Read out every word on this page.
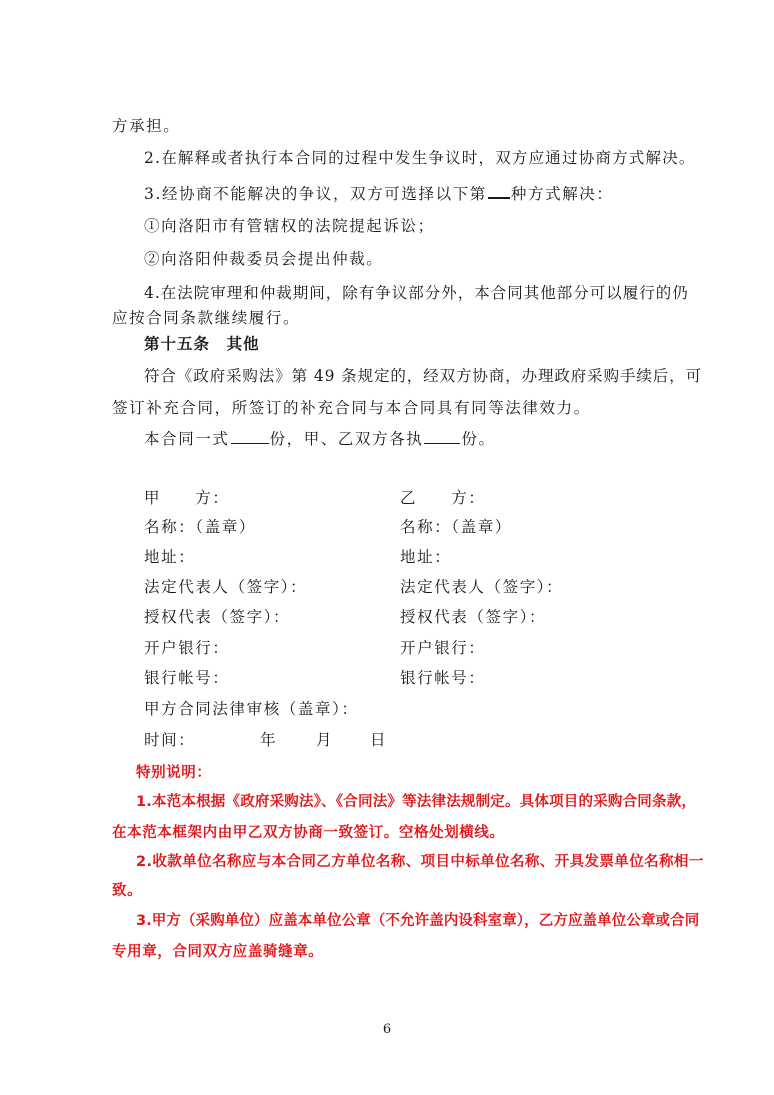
方承担。
2.在解释或者执行本合同的过程中发生争议时，双方应通过协商方式解决。
3.经协商不能解决的争议，双方可选择以下第 种方式解决：
①向洛阳市有管辖权的法院提起诉讼；
②向洛阳仲裁委员会提出仲裁。
4.在法院审理和仲裁期间，除有争议部分外，本合同其他部分可以履行的仍
应按合同条款继续履行。
第十五条　其他
符合《政府采购法》第 49 条规定的，经双方协商，办理政府采购手续后，可
签订补充合同，所签订的补充合同与本合同具有同等法律效力。
本合同一式	份，甲、乙双方各执 份。
甲　　方：	乙　　方：
名称：（盖章）	名称：（盖章）
地址：	地址：
法定代表人（签字）：	法定代表人（签字）：
授权代表（签字）：	授权代表（签字）：
开户银行：	开户银行：
银行帐号：	银行帐号：
甲方合同法律审核（盖章）：
时间：	年	月 日
特别说明：
1.本范本根据《政府采购法》、《合同法》等法律法规制定。具体项目的采购合同条款，
在本范本框架内由甲乙双方协商一致签订。空格处划横线。
2.收款单位名称应与本合同乙方单位名称、项目中标单位名称、开具发票单位名称相一
致。
3.甲方（采购单位）应盖本单位公章（不允许盖内设科室章），乙方应盖单位公章或合同
专用章，合同双方应盖骑缝章。
6
